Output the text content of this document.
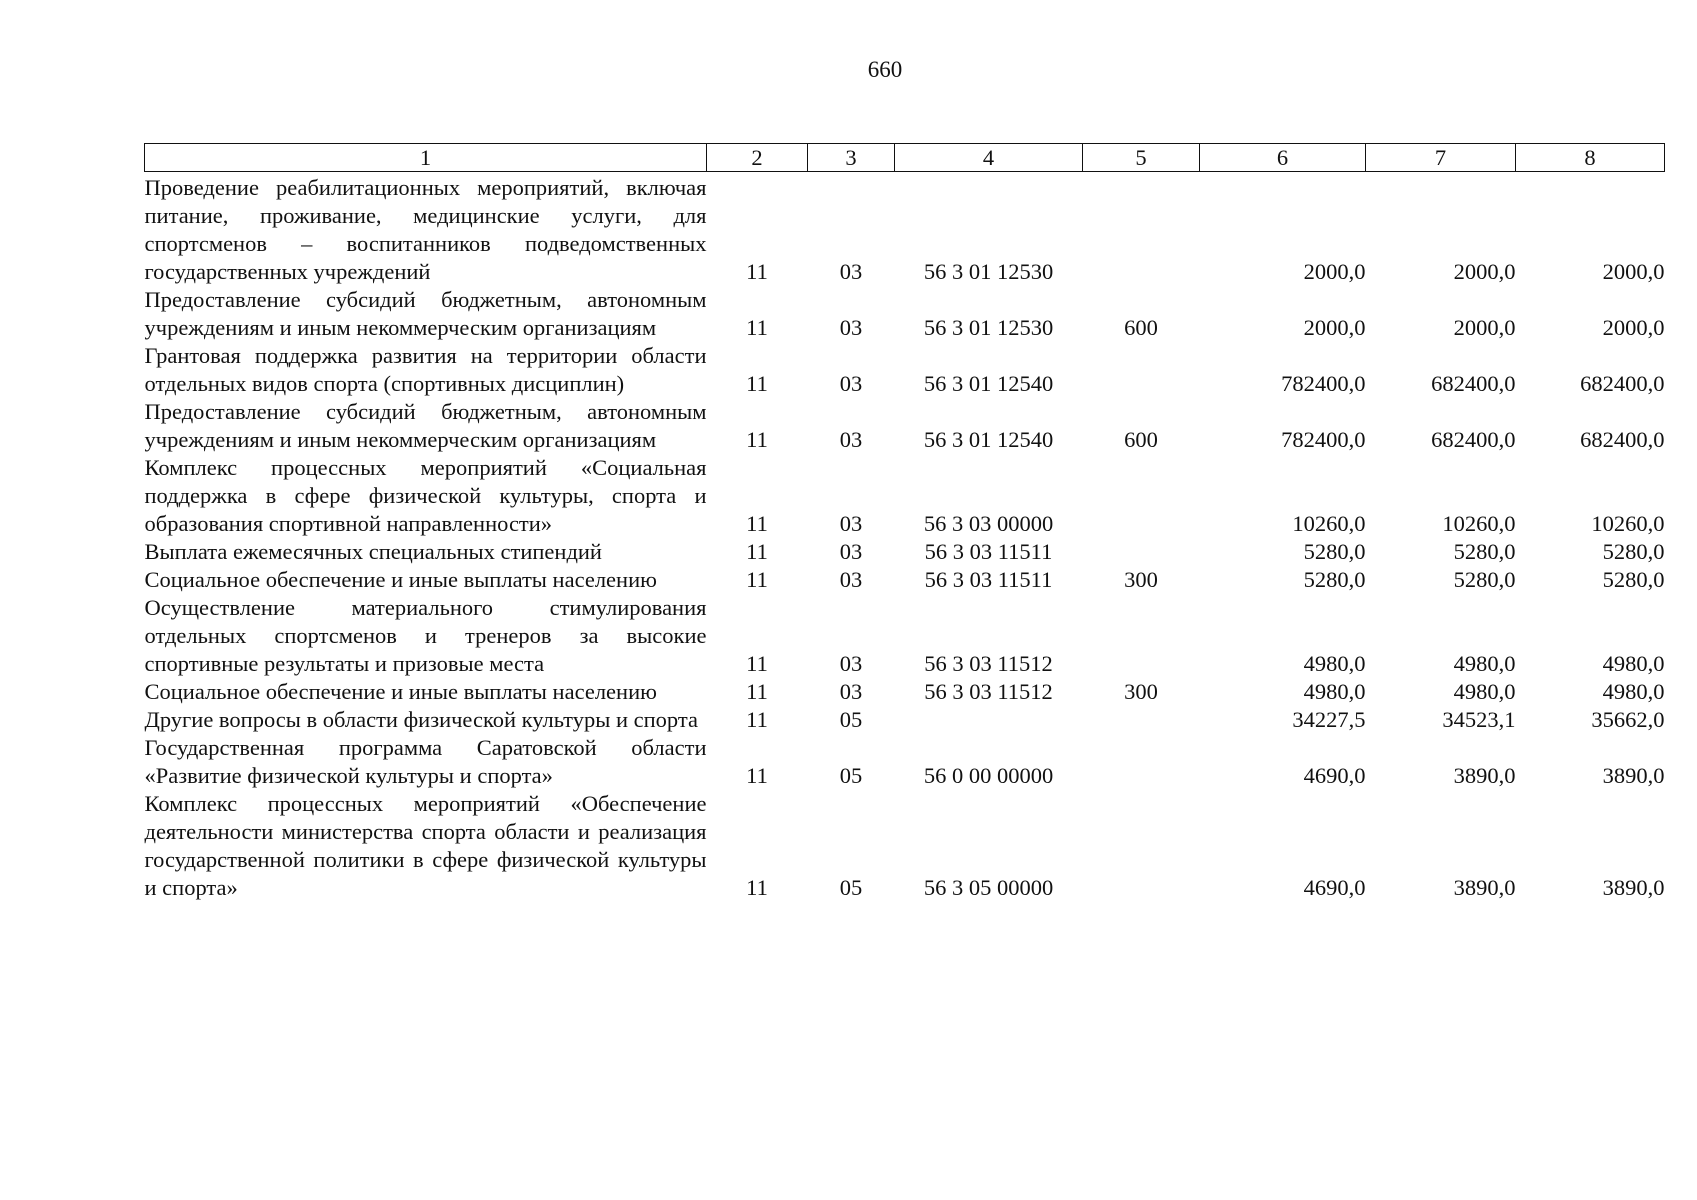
660
1	2	3	4	5	6	7	8
Проведение реабилитационных мероприятий, включая питание, проживание, медицинские услуги, для спортсменов – воспитанников подведомственных государственных учреждений	11	03	56 3 01 12530		2000,0	2000,0	2000,0
Предоставление субсидий бюджетным, автономным учреждениям и иным некоммерческим организациям	11	03	56 3 01 12530	600	2000,0	2000,0	2000,0
Грантовая поддержка развития на территории области отдельных видов спорта (спортивных дисциплин)	11	03	56 3 01 12540		782400,0	682400,0	682400,0
Предоставление субсидий бюджетным, автономным учреждениям и иным некоммерческим организациям	11	03	56 3 01 12540	600	782400,0	682400,0	682400,0
Комплекс процессных мероприятий «Социальная поддержка в сфере физической культуры, спорта и образования спортивной направленности»	11	03	56 3 03 00000		10260,0	10260,0	10260,0
Выплата ежемесячных специальных стипендий	11	03	56 3 03 11511		5280,0	5280,0	5280,0
Социальное обеспечение и иные выплаты населению	11	03	56 3 03 11511	300	5280,0	5280,0	5280,0
Осуществление материального стимулирования отдельных спортсменов и тренеров за высокие спортивные результаты и призовые места	11	03	56 3 03 11512		4980,0	4980,0	4980,0
Социальное обеспечение и иные выплаты населению	11	03	56 3 03 11512	300	4980,0	4980,0	4980,0
Другие вопросы в области физической культуры и спорта	11	05			34227,5	34523,1	35662,0
Государственная программа Саратовской области «Развитие физической культуры и спорта»	11	05	56 0 00 00000		4690,0	3890,0	3890,0
Комплекс процессных мероприятий «Обеспечение деятельности министерства спорта области и реализация государственной политики в сфере физической культуры и спорта»	11	05	56 3 05 00000		4690,0	3890,0	3890,0
